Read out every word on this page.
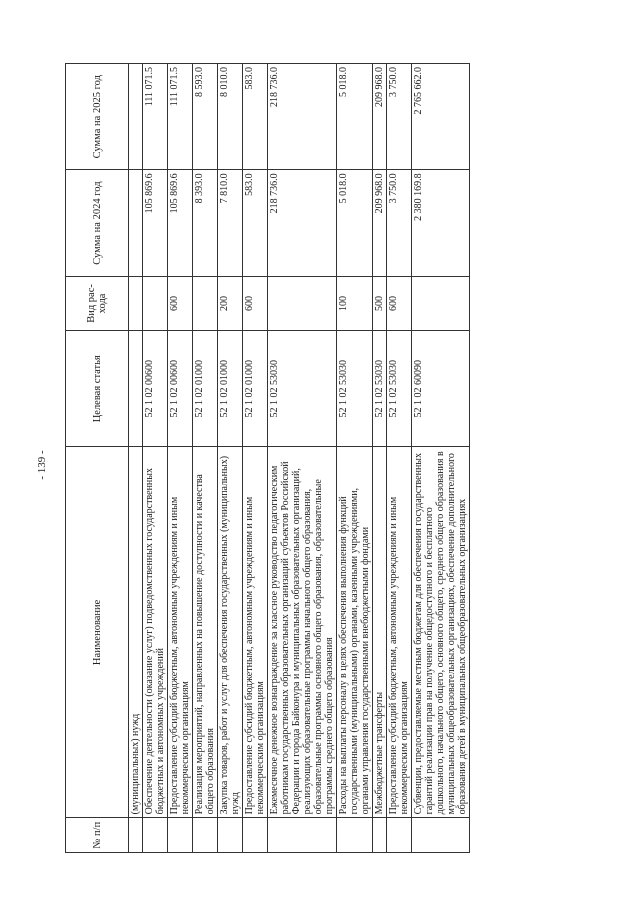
- 139 -
№ п/п	Наименование	Целевая статья	Вид рас-хода	Сумма на 2024 год	Сумма на 2025 год
	(муниципальных) нужд				
	Обеспечение деятельности (оказание услуг) подведомственных государственных бюджетных и автономных учреждений	52 1 02 00600		105 869.6	111 071.5
	Предоставление субсидий бюджетным, автономным учреждениям и иным некоммерческим организациям	52 1 02 00600	600	105 869.6	111 071.5
	Реализация мероприятий, направленных на повышение доступности и качества общего образования	52 1 02 01000		8 393.0	8 593.0
	Закупка товаров, работ и услуг для обеспечения государственных (муниципальных) нужд	52 1 02 01000	200	7 810.0	8 010.0
	Предоставление субсидий бюджетным, автономным учреждениям и иным некоммерческим организациям	52 1 02 01000	600	583.0	583.0
	Ежемесячное денежное вознаграждение за классное руководство педагогическим работникам государственных образовательных организаций субъектов Российской Федерации и города Байконура и муниципальных образовательных организаций, реализующих образовательные программы начального общего образования, образовательные программы основного общего образования, образовательные программы среднего общего образования	52 1 02 53030		218 736.0	218 736.0
	Расходы на выплаты персоналу в целях обеспечения выполнения функций государственными (муниципальными) органами, казенными учреждениями, органами управления государственными внебюджетными фондами	52 1 02 53030	100	5 018.0	5 018.0
	Межбюджетные трансферты	52 1 02 53030	500	209 968.0	209 968.0
	Предоставление субсидий бюджетным, автономным учреждениям и иным некоммерческим организациям	52 1 02 53030	600	3 750.0	3 750.0
	Субвенции, предоставляемые местным бюджетам для обеспечения государственных гарантий реализации прав на получение общедоступного и бесплатного дошкольного, начального общего, основного общего, среднего общего образования в муниципальных общеобразовательных организациях, обеспечение дополнительного образования детей в муниципальных общеобразовательных организациях	52 1 02 60090		2 380 169.8	2 765 662.0
